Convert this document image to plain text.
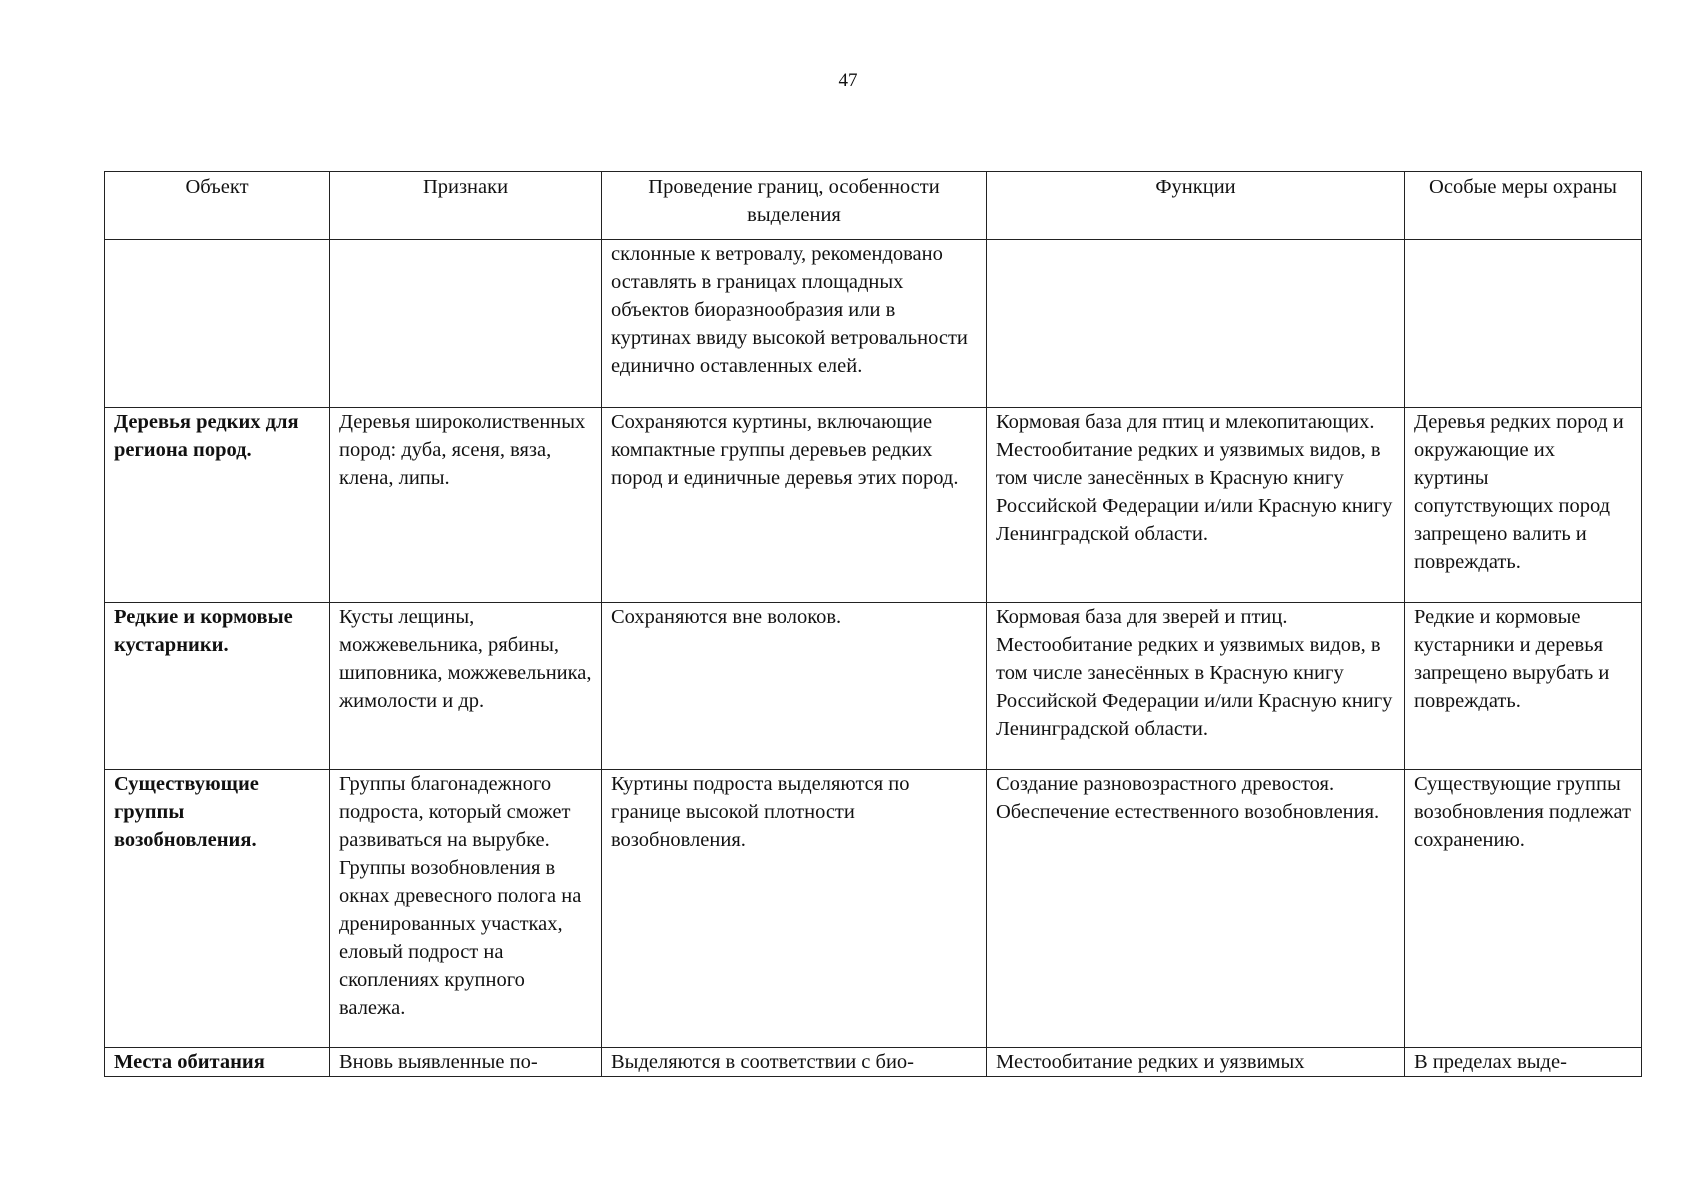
47
Объект	Признаки	Проведение границ, особенности выделения	Функции	Особые меры охраны
		склонные к ветровалу, рекомендовано оставлять в границах площадных объектов биоразнообразия или в куртинах ввиду высокой ветровальности единично оставленных елей.		
Деревья редких для региона пород.	Деревья широколиственных пород: дуба, ясеня, вяза, клена, липы.	Сохраняются куртины, включающие компактные группы деревьев редких пород и единичные деревья этих пород.	Кормовая база для птиц и млекопитающих. Местообитание редких и уязвимых видов, в том числе занесённых в Красную книгу Российской Федерации и/или Красную книгу Ленинградской области.	Деревья редких пород и окружающие их куртины сопутствующих пород запрещено валить и повреждать.
Редкие и кормовые кустарники.	Кусты лещины, можжевельника, рябины, шиповника, можжевельника, жимолости и др.	Сохраняются вне волоков.	Кормовая база для зверей и птиц. Местообитание редких и уязвимых видов, в том числе занесённых в Красную книгу Российской Федерации и/или Красную книгу Ленинградской области.	Редкие и кормовые кустарники и деревья запрещено вырубать и повреждать.
Существующие группы возобновления.	Группы благонадежного подроста, который сможет развиваться на вырубке. Группы возобновления в окнах древесного полога на дренированных участках, еловый подрост на скоплениях крупного валежа.	Куртины подроста выделяются по границе высокой плотности возобновления.	Создание разновозрастного древостоя. Обеспечение естественного возобновления.	Существующие группы возобновления подлежат сохранению.
Места обитания	Вновь выявленные по-	Выделяются в соответствии с био-	Местообитание редких и уязвимых	В пределах выде-
